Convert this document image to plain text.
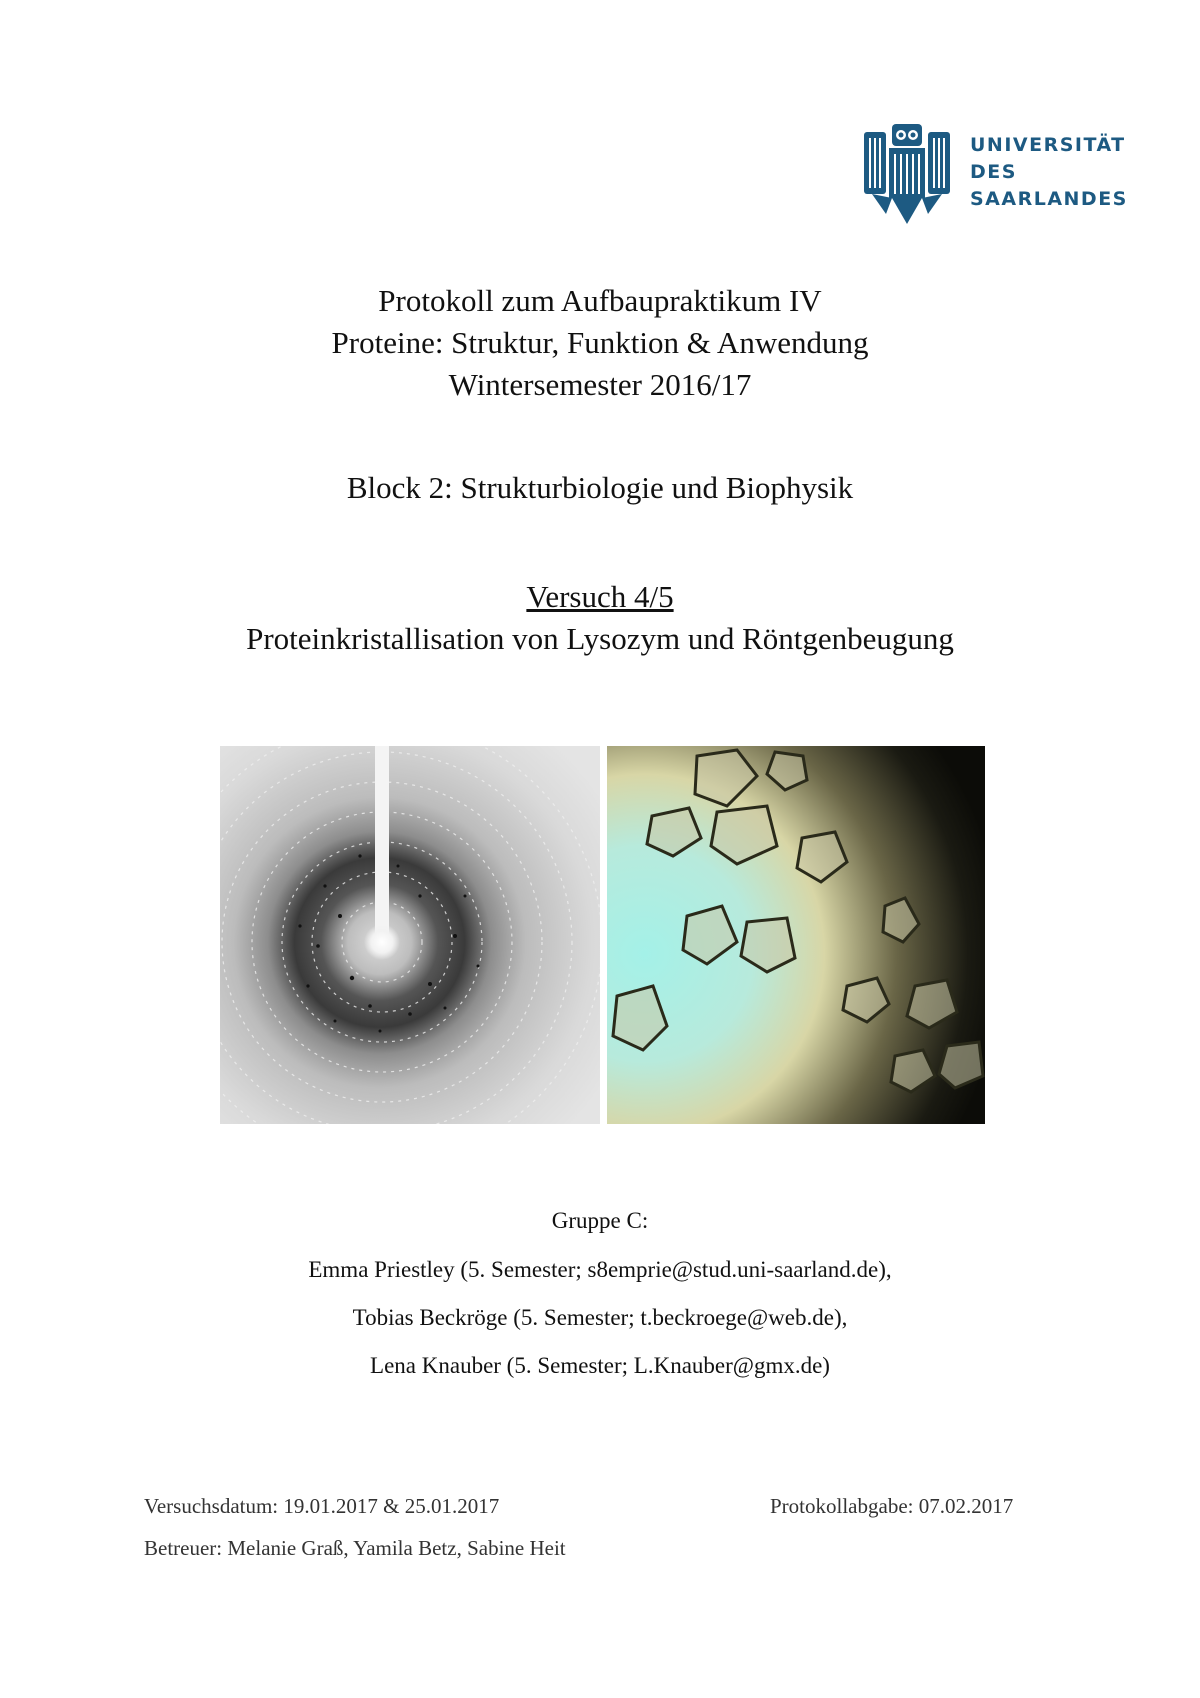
UNIVERSITÄT
DES
SAARLANDES
Protokoll zum Aufbaupraktikum IV
Proteine: Struktur, Funktion & Anwendung
Wintersemester 2016/17
Block 2: Strukturbiologie und Biophysik
Versuch 4/5
Proteinkristallisation von Lysozym und Röntgenbeugung
Gruppe C:
Emma Priestley (5. Semester; s8emprie@stud.uni-saarland.de),
Tobias Beckröge (5. Semester; t.beckroege@web.de),
Lena Knauber (5. Semester; L.Knauber@gmx.de)
Versuchsdatum: 19.01.2017 & 25.01.2017	Protokollabgabe: 07.02.2017
Betreuer: Melanie Graß, Yamila Betz, Sabine Heit
